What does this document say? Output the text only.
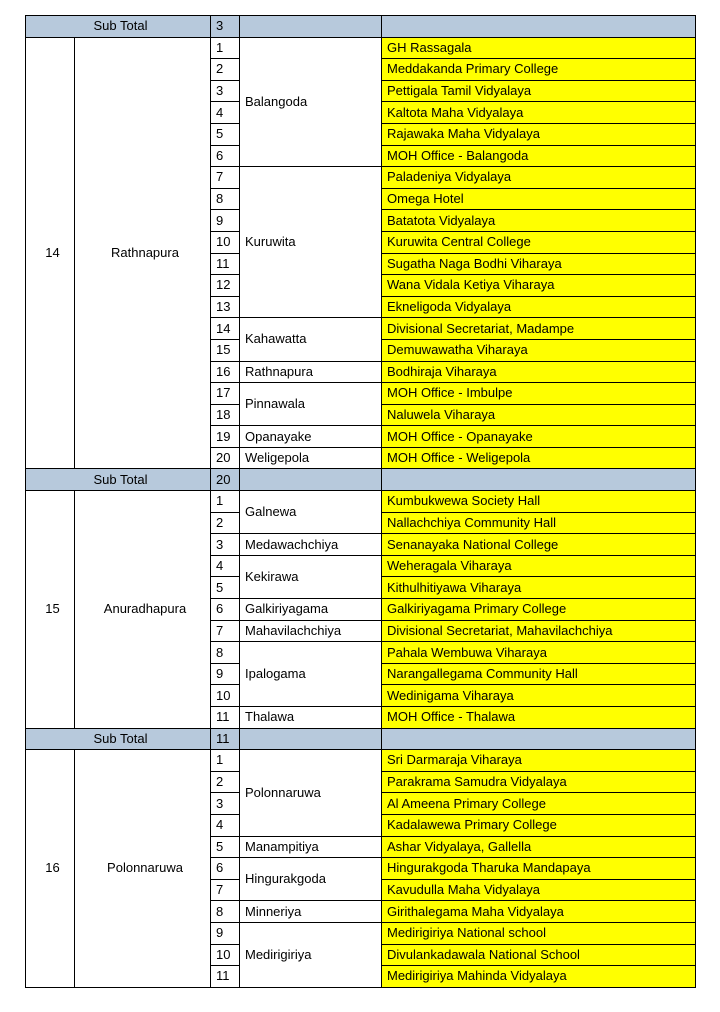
Sub Total		3		
14	Rathnapura	1	Balangoda	GH Rassagala
		2		Meddakanda Primary College
		3		Pettigala Tamil Vidyalaya
		4		Kaltota Maha Vidyalaya
		5		Rajawaka Maha Vidyalaya
		6		MOH Office - Balangoda
		7	Kuruwita	Paladeniya Vidyalaya
		8		Omega Hotel
		9		Batatota Vidyalaya
		10		Kuruwita Central College
		11		Sugatha Naga Bodhi Viharaya
		12		Wana Vidala Ketiya Viharaya
		13		Ekneligoda Vidyalaya
		14	Kahawatta	Divisional Secretariat, Madampe
		15		Demuwawatha Viharaya
		16	Rathnapura	Bodhiraja Viharaya
		17	Pinnawala	MOH Office - Imbulpe
		18		Naluwela Viharaya
		19	Opanayake	MOH Office - Opanayake
		20	Weligepola	MOH Office - Weligepola
Sub Total		20		
15	Anuradhapura	1	Galnewa	Kumbukwewa Society Hall
		2		Nallachchiya Community Hall
		3	Medawachchiya	Senanayaka National College
		4	Kekirawa	Weheragala Viharaya
		5		Kithulhitiyawa Viharaya
		6	Galkiriyagama	Galkiriyagama Primary College
		7	Mahavilachchiya	Divisional Secretariat, Mahavilachchiya
		8	Ipalogama	Pahala Wembuwa Viharaya
		9		Narangallegama Community Hall
		10		Wedinigama Viharaya
		11	Thalawa	MOH Office - Thalawa
Sub Total		11		
16	Polonnaruwa	1	Polonnaruwa	Sri Darmaraja Viharaya
		2		Parakrama Samudra Vidyalaya
		3		Al Ameena Primary College
		4		Kadalawewa Primary College
		5	Manampitiya	Ashar Vidyalaya, Gallella
		6	Hingurakgoda	Hingurakgoda Tharuka Mandapaya
		7		Kavudulla Maha Vidyalaya
		8	Minneriya	Girithalegama Maha Vidyalaya
		9	Medirigiriya	Medirigiriya National school
		10		Divulankadawala National School
		11		Medirigiriya Mahinda Vidyalaya
